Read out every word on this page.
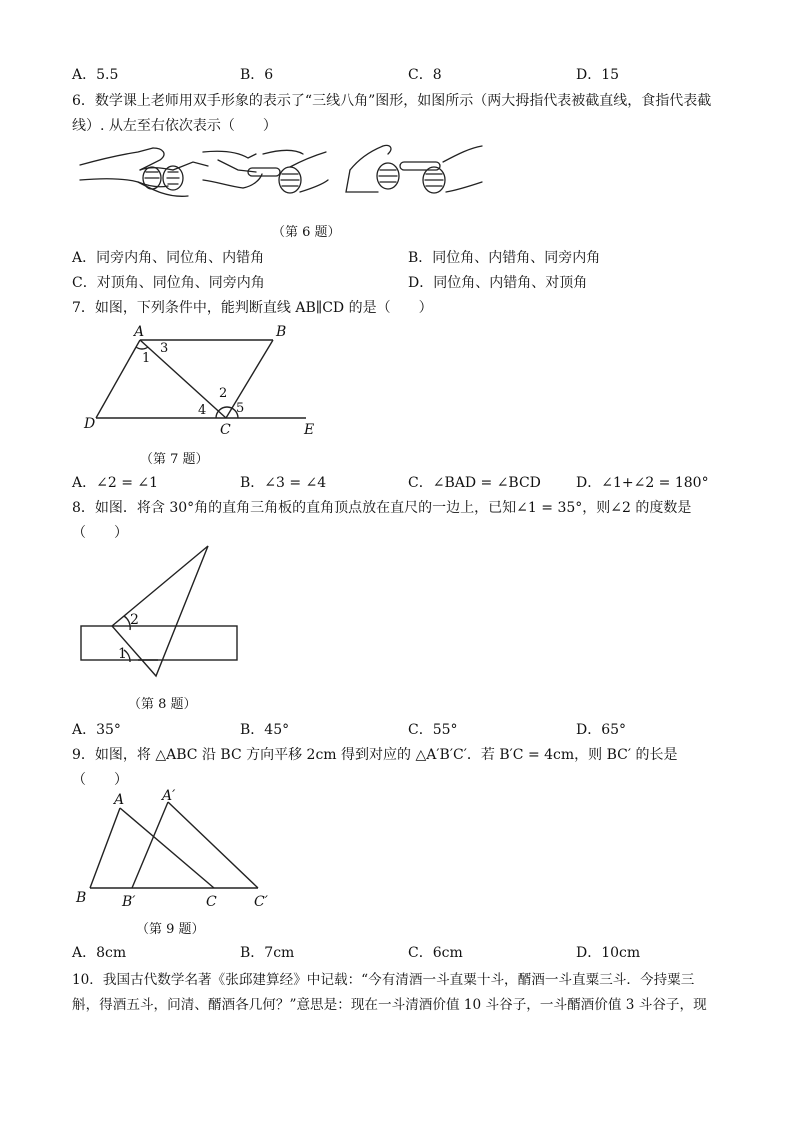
A．5.5	B．6	C．8	D．15
6．数学课上老师用双手形象的表示了“三线八角”图形，如图所示（两大拇指代表被截直线，食指代表截
线）. 从左至右依次表示（　　）
（第 6 题）
A．同旁内角、同位角、内错角	B．同位角、内错角、同旁内角
C．对顶角、同位角、同旁内角	D．同位角、内错角、对顶角
7．如图，下列条件中，能判断直线 AB∥CD 的是（　　）
A	B
C
D	E
1
3
2
4 5
（第 7 题）
A．∠2 = ∠1	B．∠3 = ∠4	C．∠BAD = ∠BCD	D．∠1+∠2 = 180°
8．如图．将含 30°角的直角三角板的直角顶点放在直尺的一边上，已知∠1 = 35°，则∠2 的度数是
（　　）
2
1
（第 8 题）
A．35°	B．45°	C．55°	D．65°
9．如图，将 △ABC 沿 BC 方向平移 2cm 得到对应的 △A′B′C′．若 B′C = 4cm，则 BC′ 的长是
（　　）
A	A′
B	B′	C	C′
（第 9 题）
A．8cm	B．7cm	C．6cm	D．10cm
10．我国古代数学名著《张邱建算经》中记载：“今有清酒一斗直粟十斗，醑酒一斗直粟三斗．今持粟三
斛，得酒五斗，问清、醑酒各几何？”意思是：现在一斗清酒价值 10 斗谷子，一斗醑酒价值 3 斗谷子，现
